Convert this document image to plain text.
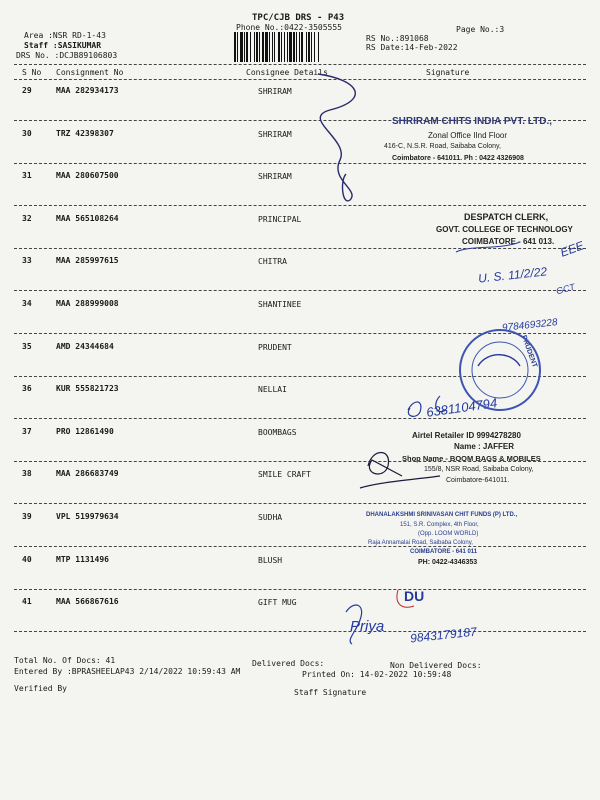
TPC/CJB DRS - P43
Phone No.:0422-3505555	Page No.:3
Area :NSR RD-1-43
Staff :SASIKUMAR
DRS No. :DCJB89106803
RS No.:891068
RS Date:14-Feb-2022
S No Consignment No	Consignee Details	Signature
29	MAA 282934173	SHRIRAM
30	TRZ 42398307	SHRIRAM
31	MAA 280607500	SHRIRAM
32	MAA 565108264	PRINCIPAL
33	MAA 285997615	CHITRA
34	MAA 288999008	SHANTINEE
35	AMD 24344684	PRUDENT
36	KUR 555821723	NELLAI
37	PRO 12861490	BOOMBAGS
38	MAA 286683749	SMILE CRAFT
39	VPL 519979634	SUDHA
40	MTP 1131496	BLUSH
41	MAA 566867616	GIFT MUG
Total No. Of Docs: 41	Delivered Docs:	Non Delivered Docs:
Entered By :BPRASHEELAP43 2/14/2022 10:59:43 AM	Printed On: 14-02-2022 10:59:48
Verified By	Staff Signature
SHRIRAM CHITS INDIA PVT. LTD.,
Zonal Office IInd Floor
416-C, N.S.R. Road, Saibaba Colony,
Coimbatore - 641011. Ph : 0422 4326908
DESPATCH CLERK,
GOVT. COLLEGE OF TECHNOLOGY
COIMBATORE - 641 013.
Airtel Retailer ID 9994278280
Name : JAFFER
Shop Name - BOOM BAGS & MOBILES
155/8, NSR Road, Saibaba Colony,
Coimbatore-641011.
DHANALAKSHMI SRINIVASAN CHIT FUNDS (P) LTD.,
151, S.R. Complex, 4th Floor,
(Opp. LOOM WORLD)
Raja Annamalai Road, Saibaba Colony,
COIMBATORE - 641 011
PH: 0422-4346353
PRUDENT
EEE
U. S. 11/2/22
GCT
9784693228
6381104794
DU
Priya 9843179187
